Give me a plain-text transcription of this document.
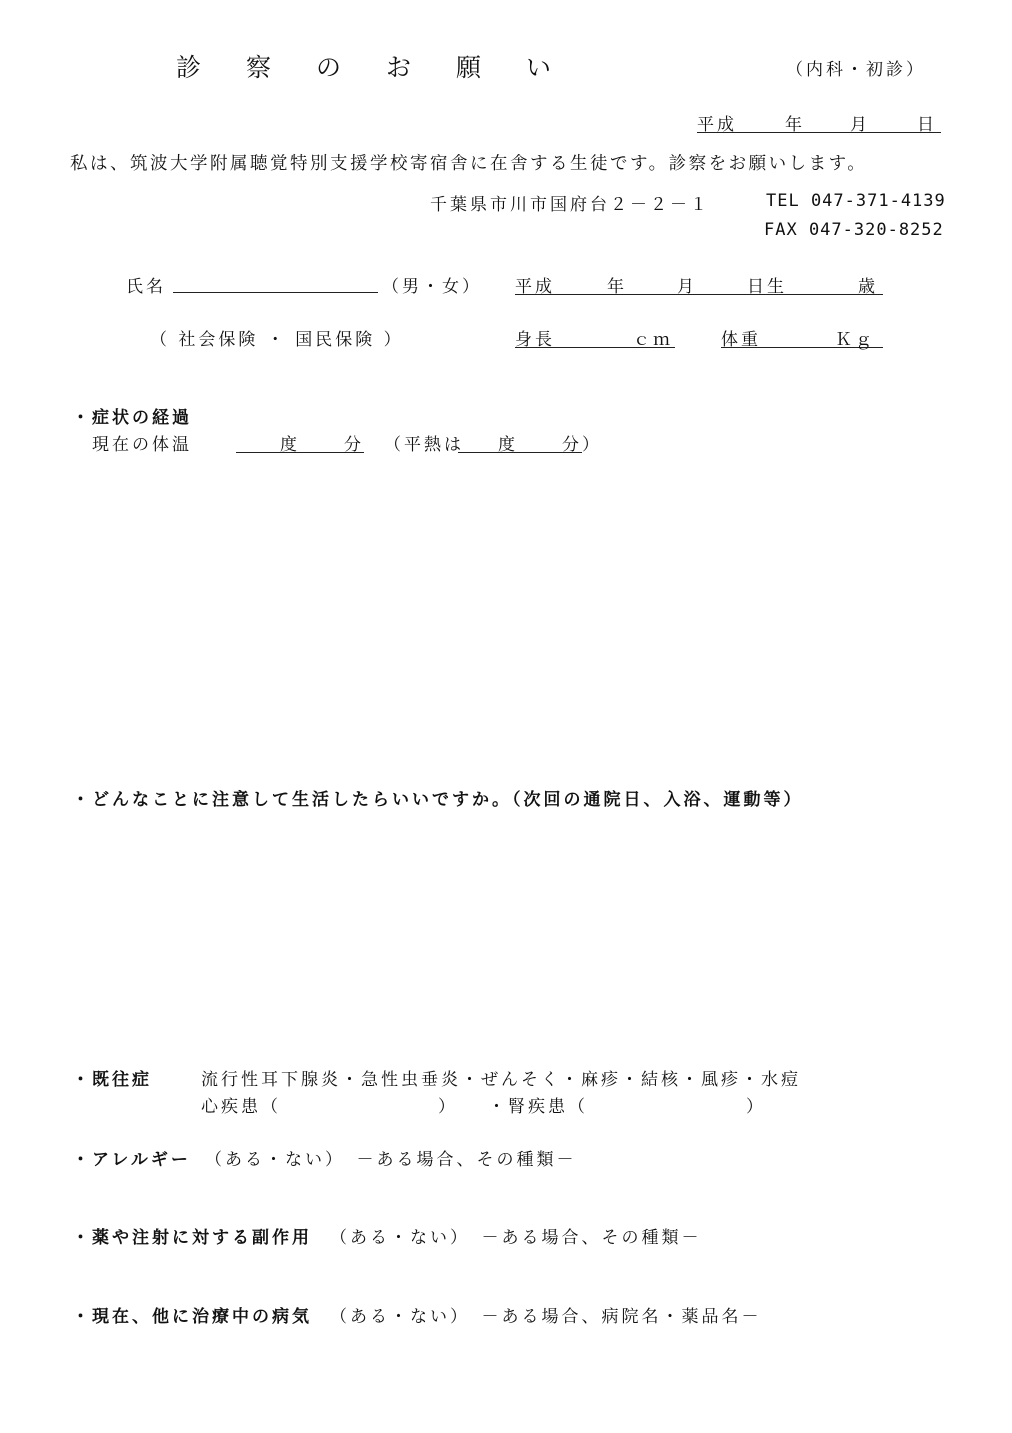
診 察 の お 願 い	（内科・初診）
平成	年	月	日
私は、筑波大学附属聴覚特別支援学校寄宿舎に在舎する生徒です。診察をお願いします。
千葉県市川市国府台２－２－１	TEL 047-371-4139
FAX 047-320-8252
氏名	（男・女） 平成	年	月	日生	歳
（ 社会保険 ・ 国民保険 ）	身長	ｃｍ	体重	Ｋｇ
・症状の経過
現在の体温	度	分 （平熱は 度	分）
・どんなことに注意して生活したらいいですか。（次回の通院日、入浴、運動等）
・既往症	流行性耳下腺炎・急性虫垂炎・ぜんそく・麻疹・結核・風疹・水痘
心疾患（	） ・腎疾患（	）
・アレルギー （ある・ない）　－ある場合、その種類－
・薬や注射に対する副作用 （ある・ない）　－ある場合、その種類－
・現在、他に治療中の病気 （ある・ない）　－ある場合、病院名・薬品名－
